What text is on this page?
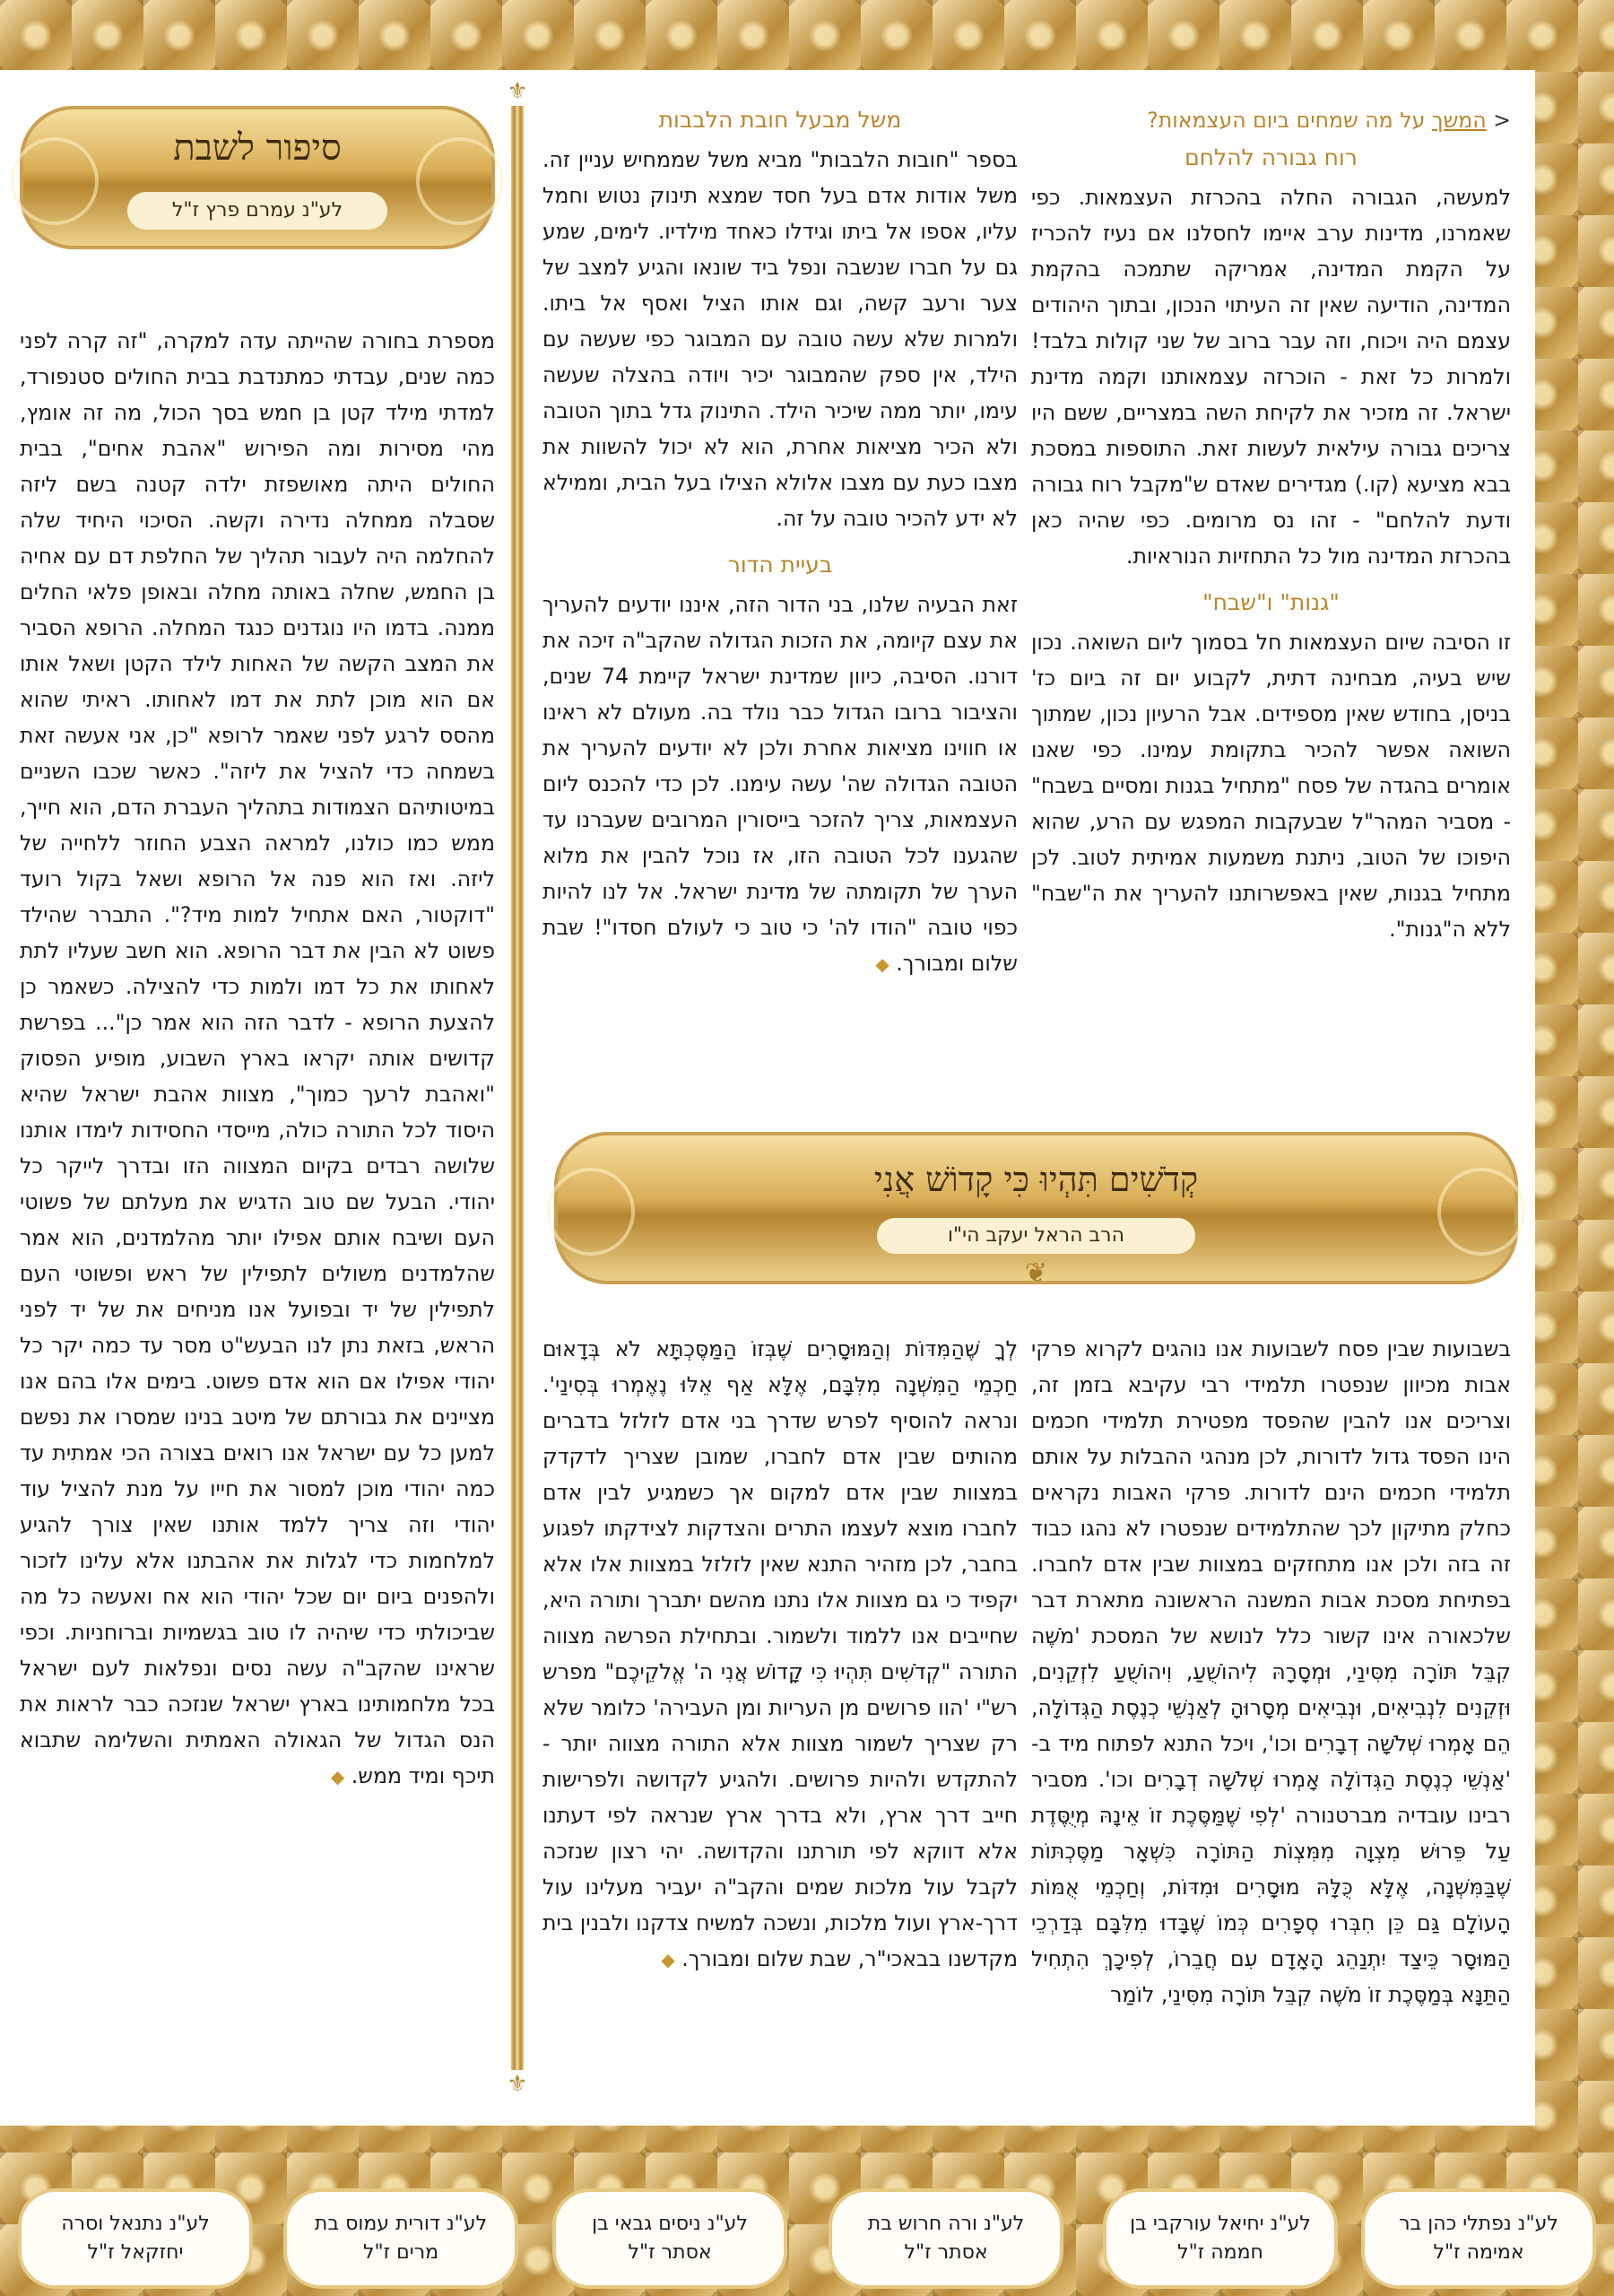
< המשך על מה שמחים ביום העצמאות?
רוח גבורה להלחם

למעשה, הגבורה החלה בהכרזת העצמאות. כפי שאמרנו, מדינות ערב איימו לחסלנו אם נעיז להכריז על הקמת המדינה, אמריקה שתמכה בהקמת המדינה, הודיעה שאין זה העיתוי הנכון, ובתוך היהודים עצמם היה ויכוח, וזה עבר ברוב של שני קולות בלבד! ולמרות כל זאת - הוכרזה עצמאותנו וקמה מדינת ישראל. זה מזכיר את לקיחת השה במצריים, ששם היו צריכים גבורה עילאית לעשות זאת. התוספות במסכת בבא מציעא (קו.) מגדירים שאדם ש"מקבל רוח גבורה ודעת להלחם" - זהו נס מרומים. כפי שהיה כאן בהכרזת המדינה מול כל התחזיות הנוראיות.

"גנות" ו"שבח"

זו הסיבה שיום העצמאות חל בסמוך ליום השואה. נכון שיש בעיה, מבחינה דתית, לקבוע יום זה ביום כז' בניסן, בחודש שאין מספידים. אבל הרעיון נכון, שמתוך השואה אפשר להכיר בתקומת עמינו. כפי שאנו אומרים בהגדה של פסח "מתחיל בגנות ומסיים בשבח" - מסביר המהר"ל שבעקבות המפגש עם הרע, שהוא היפוכו של הטוב, ניתנת משמעות אמיתית לטוב. לכן מתחיל בגנות, שאין באפשרותנו להעריך את ה"שבח" ללא ה"גנות".

משל מבעל חובת הלבבות

בספר "חובות הלבבות" מביא משל שממחיש עניין זה. משל אודות אדם בעל חסד שמצא תינוק נטוש וחמל עליו, אספו אל ביתו וגידלו כאחד מילדיו. לימים, שמע גם על חברו שנשבה ונפל ביד שונאו והגיע למצב של צער ורעב קשה, וגם אותו הציל ואסף אל ביתו. ולמרות שלא עשה טובה עם המבוגר כפי שעשה עם הילד, אין ספק שהמבוגר יכיר ויודה בהצלה שעשה עימו, יותר ממה שיכיר הילד. התינוק גדל בתוך הטובה ולא הכיר מציאות אחרת, הוא לא יכול להשוות את מצבו כעת עם מצבו אלולא הצילו בעל הבית, וממילא לא ידע להכיר טובה על זה.

בעיית הדור

זאת הבעיה שלנו, בני הדור הזה, איננו יודעים להעריך את עצם קיומה, את הזכות הגדולה שהקב"ה זיכה את דורנו. הסיבה, כיוון שמדינת ישראל קיימת 74 שנים, והציבור ברובו הגדול כבר נולד בה. מעולם לא ראינו או חווינו מציאות אחרת ולכן לא יודעים להעריך את הטובה הגדולה שה' עשה עימנו. לכן כדי להכנס ליום העצמאות, צריך להזכר בייסורין המרובים שעברנו עד שהגענו לכל הטובה הזו, אז נוכל להבין את מלוא הערך של תקומתה של מדינת ישראל. אל לנו להיות כפוי טובה "הודו לה' כי טוב כי לעולם חסדו"! שבת שלום ומבורך. ◆

⚜
⚜
סיפור לשבת
לע"נ עמרם פרץ ז"ל

מספרת בחורה שהייתה עדה למקרה, "זה קרה לפני כמה שנים, עבדתי כמתנדבת בבית החולים סטנפורד, למדתי מילד קטן בן חמש בסך הכול, מה זה אומץ, מהי מסירות ומה הפירוש "אהבת אחים", בבית החולים היתה מאושפזת ילדה קטנה בשם ליזה שסבלה ממחלה נדירה וקשה. הסיכוי היחיד שלה להחלמה היה לעבור תהליך של החלפת דם עם אחיה בן החמש, שחלה באותה מחלה ובאופן פלאי החלים ממנה. בדמו היו נוגדנים כנגד המחלה. הרופא הסביר את המצב הקשה של האחות לילד הקטן ושאל אותו אם הוא מוכן לתת את דמו לאחותו. ראיתי שהוא מהסס לרגע לפני שאמר לרופא "כן, אני אעשה זאת בשמחה כדי להציל את ליזה". כאשר שכבו השניים במיטותיהם הצמודות בתהליך העברת הדם, הוא חייך, ממש כמו כולנו, למראה הצבע החוזר ללחייה של ליזה. ואז הוא פנה אל הרופא ושאל בקול רועד "דוקטור, האם אתחיל למות מיד?". התברר שהילד פשוט לא הבין את דבר הרופא. הוא חשב שעליו לתת לאחותו את כל דמו ולמות כדי להצילה. כשאמר כן להצעת הרופא - לדבר הזה הוא אמר כן"... בפרשת קדושים אותה יקראו בארץ השבוע, מופיע הפסוק "ואהבת לרעך כמוך", מצוות אהבת ישראל שהיא היסוד לכל התורה כולה, מייסדי החסידות לימדו אותנו שלושה רבדים בקיום המצווה הזו ובדרך לייקר כל יהודי. הבעל שם טוב הדגיש את מעלתם של פשוטי העם ושיבח אותם אפילו יותר מהלמדנים, הוא אמר שהלמדנים משולים לתפילין של ראש ופשוטי העם לתפילין של יד ובפועל אנו מניחים את של יד לפני הראש, בזאת נתן לנו הבעש"ט מסר עד כמה יקר כל יהודי אפילו אם הוא אדם פשוט. בימים אלו בהם אנו מציינים את גבורתם של מיטב בנינו שמסרו את נפשם למען כל עם ישראל אנו רואים בצורה הכי אמתית עד כמה יהודי מוכן למסור את חייו על מנת להציל עוד יהודי וזה צריך ללמד אותנו שאין צורך להגיע למלחמות כדי לגלות את אהבתנו אלא עלינו לזכור ולהפנים ביום יום שכל יהודי הוא אח ואעשה כל מה שביכולתי כדי שיהיה לו טוב בגשמיות וברוחניות. וכפי שראינו שהקב"ה עשה נסים ונפלאות לעם ישראל בכל מלחמותינו בארץ ישראל שנזכה כבר לראות את הנס הגדול של הגאולה האמתית והשלימה שתבוא תיכף ומיד ממש. ◆

קְדֹשִׁים תִּהְיוּ כִּי קָדוֹשׁ אֲנִי
הרב הראל יעקב הי"ו
❦

בשבועות שבין פסח לשבועות אנו נוהגים לקרוא פרקי אבות מכיוון שנפטרו תלמידי רבי עקיבא בזמן זה, וצריכים אנו להבין שהפסד מפטירת תלמידי חכמים הינו הפסד גדול לדורות, לכן מנהגי ההבלות על אותם תלמידי חכמים הינם לדורות. פרקי האבות נקראים כחלק מתיקון לכך שהתלמידים שנפטרו לא נהגו כבוד זה בזה ולכן אנו מתחזקים במצוות שבין אדם לחברו. בפתיחת מסכת אבות המשנה הראשונה מתארת דבר שלכאורה אינו קשור כלל לנושא של המסכת 'מֹשֶׁה קִבֵּל תּוֹרָה מִסִּינַי, וּמְסָרָהּ לִיהוֹשֻׁעַ, וִיהוֹשֻׁעַ לִזְקֵנִים, וּזְקֵנִים לִנְבִיאִים, וּנְבִיאִים מְסָרוּהָ לְאַנְשֵׁי כְנֶסֶת הַגְּדוֹלָה, הֵם אָמְרוּ שְׁלֹשָׁה דְבָרִים וכו', ויכל התנא לפתוח מיד ב-'אַנְשֵׁי כְנֶסֶת הַגְּדוֹלָה אָמְרוּ שְׁלֹשָׁה דְבָרִים וכו'. מסביר רבינו עובדיה מברטנורה 'לְפִי שֶׁמַּסֶּכֶת זוֹ אֵינָהּ מְיֻסֶּדֶת עַל פֵּרוּשׁ מִצְוָה מִמִּצְוֹת הַתּוֹרָה כִּשְׁאָר מַסֶּכְתּוֹת שֶׁבַּמִּשְׁנָה, אֶלָּא כֻּלָּהּ מוּסָרִים וּמִדּוֹת, וְחַכְמֵי אֻמּוֹת הָעוֹלָם גַּם כֵּן חִבְּרוּ סְפָרִים כְּמוֹ שֶׁבָּדוּ מִלִּבָּם בְּדַרְכֵי הַמּוּסָר כֵּיצַד יִתְנַהֵג הָאָדָם עִם חֲבֵרוֹ, לְפִיכָךְ הִתְחִיל הַתַּנָּא בְּמַסֶּכֶת זוֹ מֹשֶׁה קִבֵּל תּוֹרָה מִסִּינַי, לוֹמַר

לְךָ שֶׁהַמִּדּוֹת וְהַמּוּסָרִים שֶׁבְּזוֹ הַמַּסֶּכְתָּא לֹא בְּדָאוּם חַכְמֵי הַמִּשְׁנָה מִלִּבָּם, אֶלָּא אַף אֵלּוּ נֶאֶמְרוּ בְּסִינַי'. ונראה להוסיף לפרש שדרך בני אדם לזלזל בדברים מהותים שבין אדם לחברו, שמובן שצריך לדקדק במצוות שבין אדם למקום אך כשמגיע לבין אדם לחברו מוצא לעצמו התרים והצדקות לצידקתו לפגוע בחבר, לכן מזהיר התנא שאין לזלזל במצוות אלו אלא יקפיד כי גם מצוות אלו נתנו מהשם יתברך ותורה היא, שחייבים אנו ללמוד ולשמור. ובתחילת הפרשה מצווה התורה "קְדֹשִׁים תִּהְיוּ כִּי קָדוֹשׁ אֲנִי ה' אֱלֹקֵיכֶם" מפרש רש"י 'הוו פרושים מן העריות ומן העבירה' כלומר שלא רק שצריך לשמור מצוות אלא התורה מצווה יותר - להתקדש ולהיות פרושים. ולהגיע לקדושה ולפרישות חייב דרך ארץ, ולא בדרך ארץ שנראה לפי דעתנו אלא דווקא לפי תורתנו והקדושה. יהי רצון שנזכה לקבל עול מלכות שמים והקב"ה יעביר מעלינו עול דרך-ארץ ועול מלכות, ונשכה למשיח צדקנו ולבנין בית מקדשנו בבאכי"ר, שבת שלום ומבורך. ◆

לע"נ נפתלי כהן בר אמימה ז"ל
לע"נ יחיאל עורקבי בן חממה ז"ל
לע"נ ורה חרוש בת אסתר ז"ל
לע"נ ניסים גבאי בן אסתר ז"ל
לע"נ דורית עמוס בת מרים ז"ל
לע"נ נתנאל וסרה יחזקאל ז"ל
